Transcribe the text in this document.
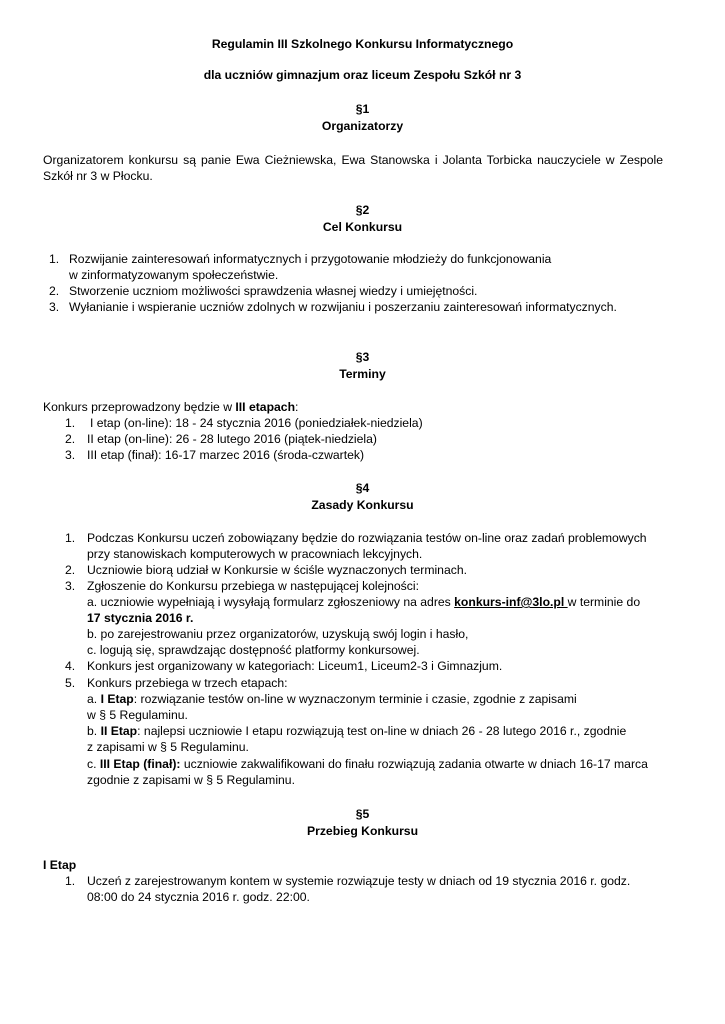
Regulamin III Szkolnego Konkursu Informatycznego
dla uczniów gimnazjum oraz liceum Zespołu Szkół nr 3
§1
Organizatorzy
Organizatorem konkursu są panie Ewa Cieżniewska, Ewa Stanowska i Jolanta Torbicka nauczyciele w Zespole
Szkół nr 3 w Płocku.
§2
Cel Konkursu
1. Rozwijanie zainteresowań informatycznych i przygotowanie młodzieży do funkcjonowania
w zinformatyzowanym społeczeństwie.
2. Stworzenie uczniom możliwości sprawdzenia własnej wiedzy i umiejętności.
3. Wyłanianie i wspieranie uczniów zdolnych w rozwijaniu i poszerzaniu zainteresowań informatycznych.
§3
Terminy
Konkurs przeprowadzony będzie w III etapach:
1. I etap (on-line): 18 - 24 stycznia 2016 (poniedziałek-niedziela)
2. II etap (on-line): 26 - 28 lutego 2016 (piątek-niedziela)
3. III etap (finał): 16-17 marzec 2016 (środa-czwartek)
§4
Zasady Konkursu
1. Podczas Konkursu uczeń zobowiązany będzie do rozwiązania testów on-line oraz zadań problemowych
przy stanowiskach komputerowych w pracowniach lekcyjnych.
2. Uczniowie biorą udział w Konkursie w ściśle wyznaczonych terminach.
3. Zgłoszenie do Konkursu przebiega w następującej kolejności:
a. uczniowie wypełniają i wysyłają formularz zgłoszeniowy na adres konkurs-inf@3lo.pl w terminie do
17 stycznia 2016 r.
b. po zarejestrowaniu przez organizatorów, uzyskują swój login i hasło,
c. logują się, sprawdzając dostępność platformy konkursowej.
4. Konkurs jest organizowany w kategoriach: Liceum1, Liceum2-3 i Gimnazjum.
5. Konkurs przebiega w trzech etapach:
a. I Etap: rozwiązanie testów on-line w wyznaczonym terminie i czasie, zgodnie z zapisami
w § 5 Regulaminu.
b. II Etap: najlepsi uczniowie I etapu rozwiązują test on-line w dniach 26 - 28 lutego 2016 r., zgodnie
z zapisami w § 5 Regulaminu.
c. III Etap (finał): uczniowie zakwalifikowani do finału rozwiązują zadania otwarte w dniach 16-17 marca
zgodnie z zapisami w § 5 Regulaminu.
§5
Przebieg Konkursu
I Etap
1. Uczeń z zarejestrowanym kontem w systemie rozwiązuje testy w dniach od 19 stycznia 2016 r. godz.
08:00 do 24 stycznia 2016 r. godz. 22:00.
